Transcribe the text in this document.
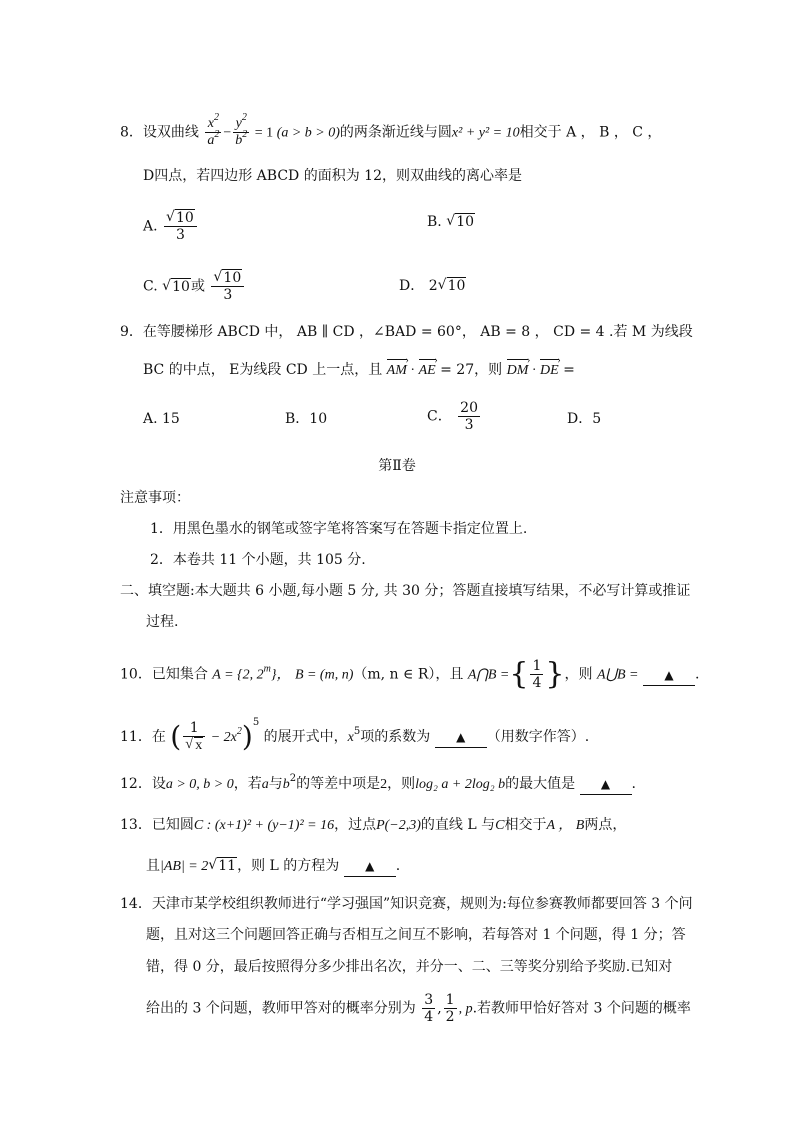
8．设双曲线 $\frac{x^2}{a^2} - \frac{y^2}{b^2} = 1$ (a > b > 0)的两条渐近线与圆x² + y² = 10相交于 A ， B ， C ，
D四点，若四边形 ABCD 的面积为 12，则双曲线的离心率是
A. √ $\frac{10}{3}$	B. √ 10
C. √ 10或 √ $\frac{10}{3}$	D． 2 √ 10
9．在等腰梯形 ABCD 中， AB ∥ CD ，∠BAD = 60°， AB = 8 ， CD = 4 .若 M 为线段
BC 的中点， E为线段 CD 上一点，且 › AM · › AE = 27，则 › DM · › DE =
A. 15	B．10	C． $\frac{20}{3}$	D．5
第Ⅱ卷
注意事项：
1．用黑色墨水的钢笔或签字笔将答案写在答题卡指定位置上.
2．本卷共 11 个小题，共 105 分.
二、填空题:本大题共 6 小题,每小题 5 分, 共 30 分；答题直接填写结果，不必写计算或推证
过程.
10．已知集合 A = {2, 2$^m$}， B = (m, n)（m, n ∈ R），且 A⋂B ={ $\frac{1}{4}$ }，则 A⋃B = ▲ .
11．在 ( 1
√ $x - 2x^2)^5$ 的展开式中，$x^5$项的系数为 ▲ （用数字作答）.
12．设a > 0, b > 0，若a与$b^2$的等差中项是2，则log₂ a + 2log₂ b的最大值是 ▲ .
13．已知圆C : (x+1)² + (y−1)² = 16，过点P(−2,3)的直线 L 与C相交于A ， B两点，
且|AB| = 2 √ 11，则 L 的方程为 ▲ .
14．天津市某学校组织教师进行“学习强国”知识竞赛，规则为:每位参赛教师都要回答 3 个问
题，且对这三个问题回答正确与否相互之间互不影响，若每答对 1 个问题，得 1 分；答
错，得 0 分，最后按照得分多少排出名次，并分一、二、三等奖分别给予奖励.已知对
给出的 3 个问题，教师甲答对的概率分别为 $\frac{3}{4}$ , $\frac{1}{2}$ , p.若教师甲恰好答对 3 个问题的概率
